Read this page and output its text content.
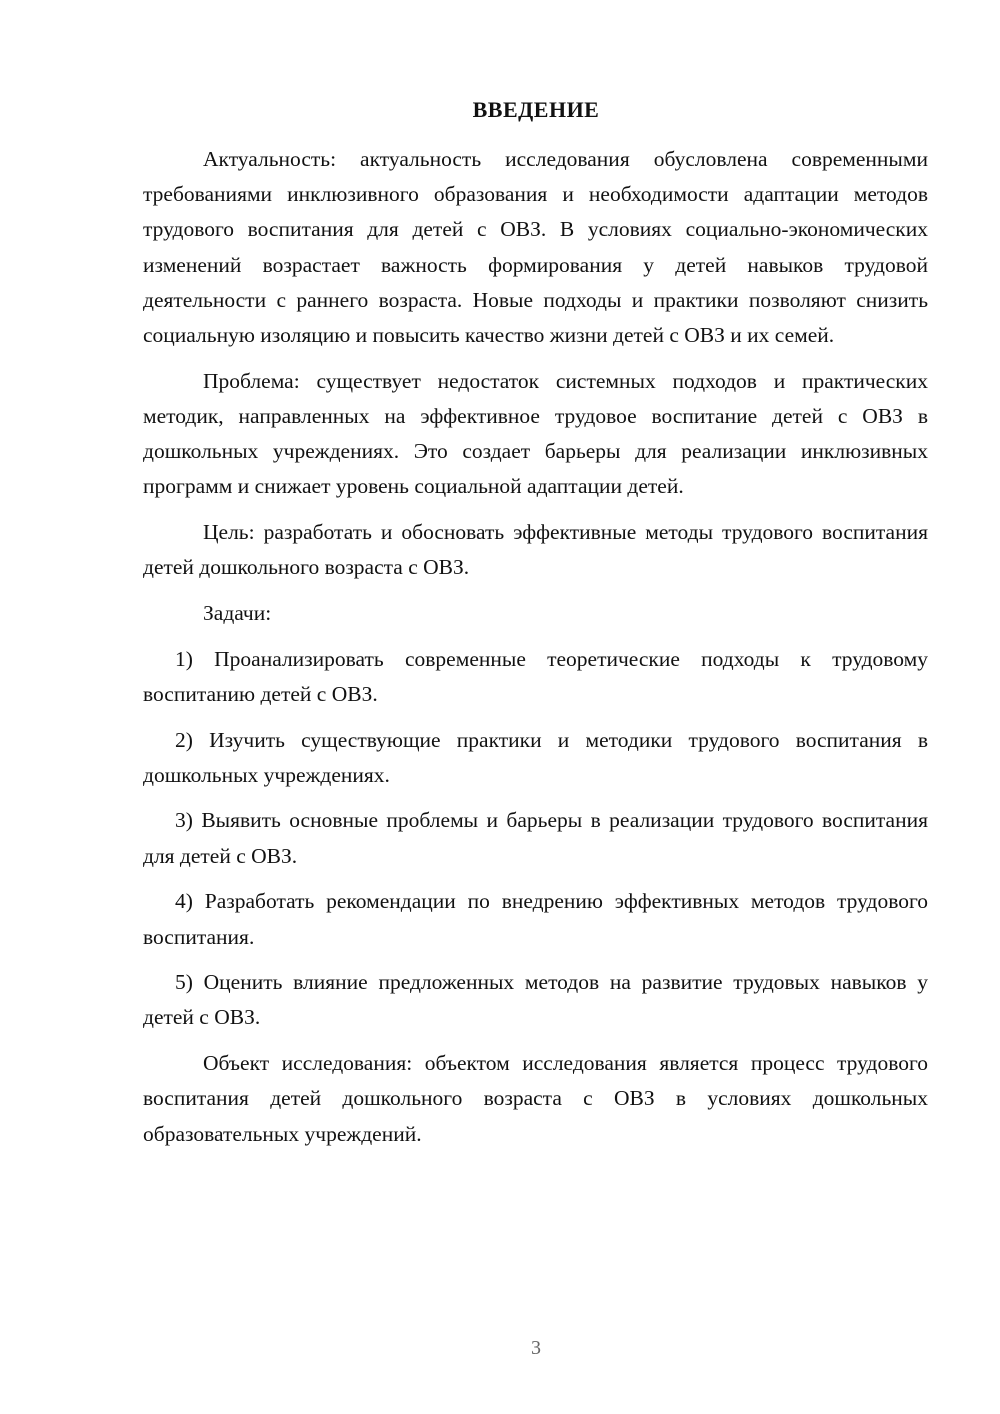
ВВЕДЕНИЕ

Актуальность: актуальность исследования обусловлена современными требованиями инклюзивного образования и необходимости адаптации методов трудового воспитания для детей с ОВЗ. В условиях социально-экономических изменений возрастает важность формирования у детей навыков трудовой деятельности с раннего возраста. Новые подходы и практики позволяют снизить социальную изоляцию и повысить качество жизни детей с ОВЗ и их семей.

Проблема: существует недостаток системных подходов и практических методик, направленных на эффективное трудовое воспитание детей с ОВЗ в дошкольных учреждениях. Это создает барьеры для реализации инклюзивных программ и снижает уровень социальной адаптации детей.

Цель: разработать и обосновать эффективные методы трудового воспитания детей дошкольного возраста с ОВЗ.

Задачи:

1) Проанализировать современные теоретические подходы к трудовому воспитанию детей с ОВЗ.

2) Изучить существующие практики и методики трудового воспитания в дошкольных учреждениях.

3) Выявить основные проблемы и барьеры в реализации трудового воспитания для детей с ОВЗ.

4) Разработать рекомендации по внедрению эффективных методов трудового воспитания.

5) Оценить влияние предложенных методов на развитие трудовых навыков у детей с ОВЗ.

Объект исследования: объектом исследования является процесс трудового воспитания детей дошкольного возраста с ОВЗ в условиях дошкольных образовательных учреждений.

3
